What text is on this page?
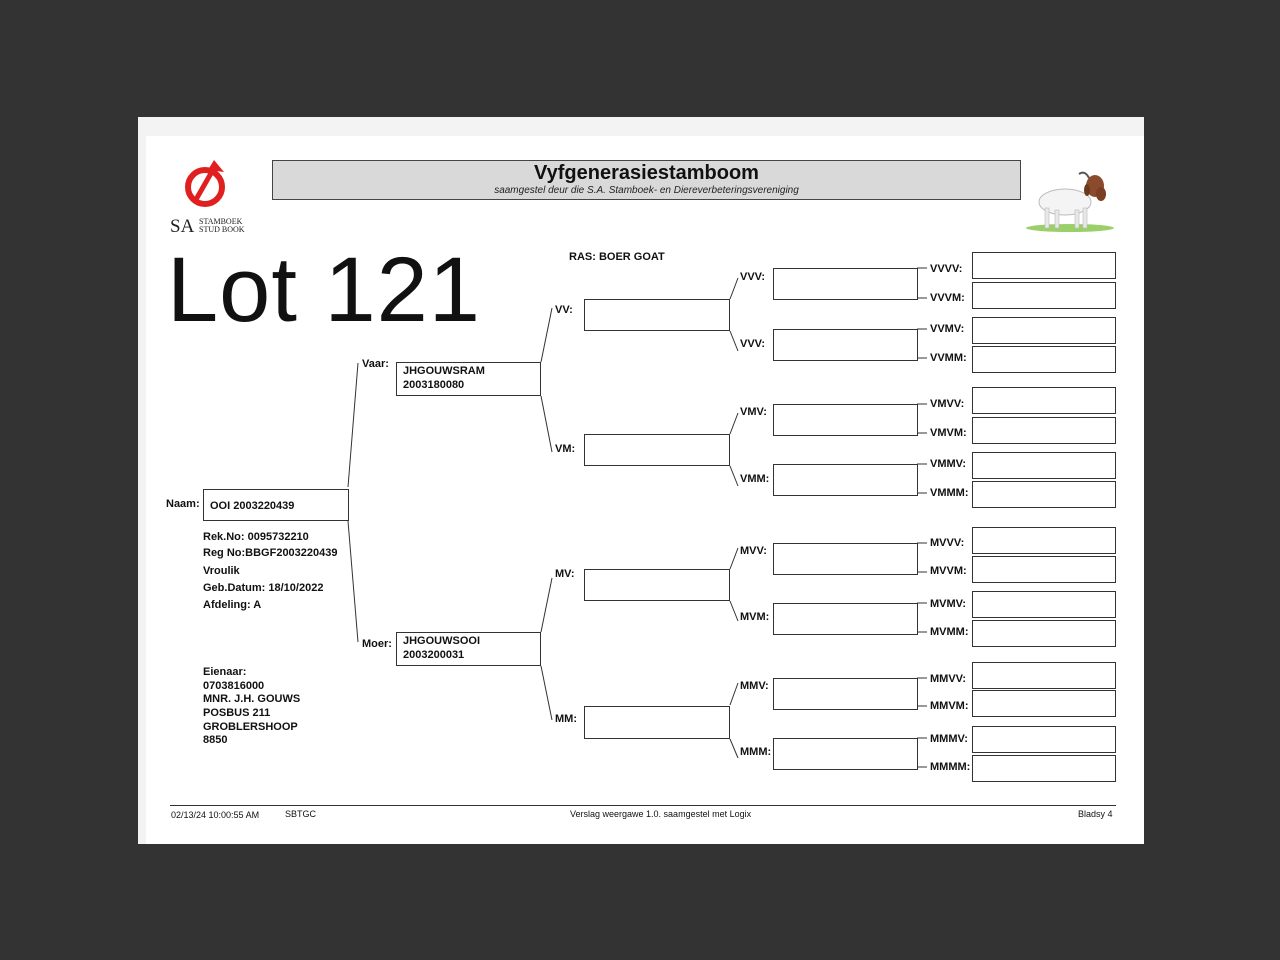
SA STAMBOEK
STUD BOOK
Vyfgenerasiestamboom
saamgestel deur die S.A. Stamboek- en Diereverbeteringsvereniging
Lot 121	RAS: BOER GOAT
Naam: OOI 2003220439
Rek.No: 0095732210
Reg No:BBGF2003220439
Vroulik
Geb.Datum: 18/10/2022
Afdeling: A
Eienaar:
0703816000
MNR. J.H. GOUWS
POSBUS 211
GROBLERSHOOP
8850
Vaar:
JHGOUWSRAM
2003180080
Moer: JHGOUWSOOI
2003200031
VV:
VM:
MV:
MM:
VVV:
VVV:
VMV:
VMM:
MVV:
MVM:
MMV:
MMM:
VVVV:
VVVM:
VVMV:
VVMM:
VMVV:
VMVM:
VMMV:
VMMM:
MVVV:
MVVM:
MVMV:
MVMM:
MMVV:
MMVM:
MMMV:
MMMM:
02/13/24 10:00:55 AM	SBTGC	Verslag weergawe 1.0. saamgestel met Logix	Bladsy 4
